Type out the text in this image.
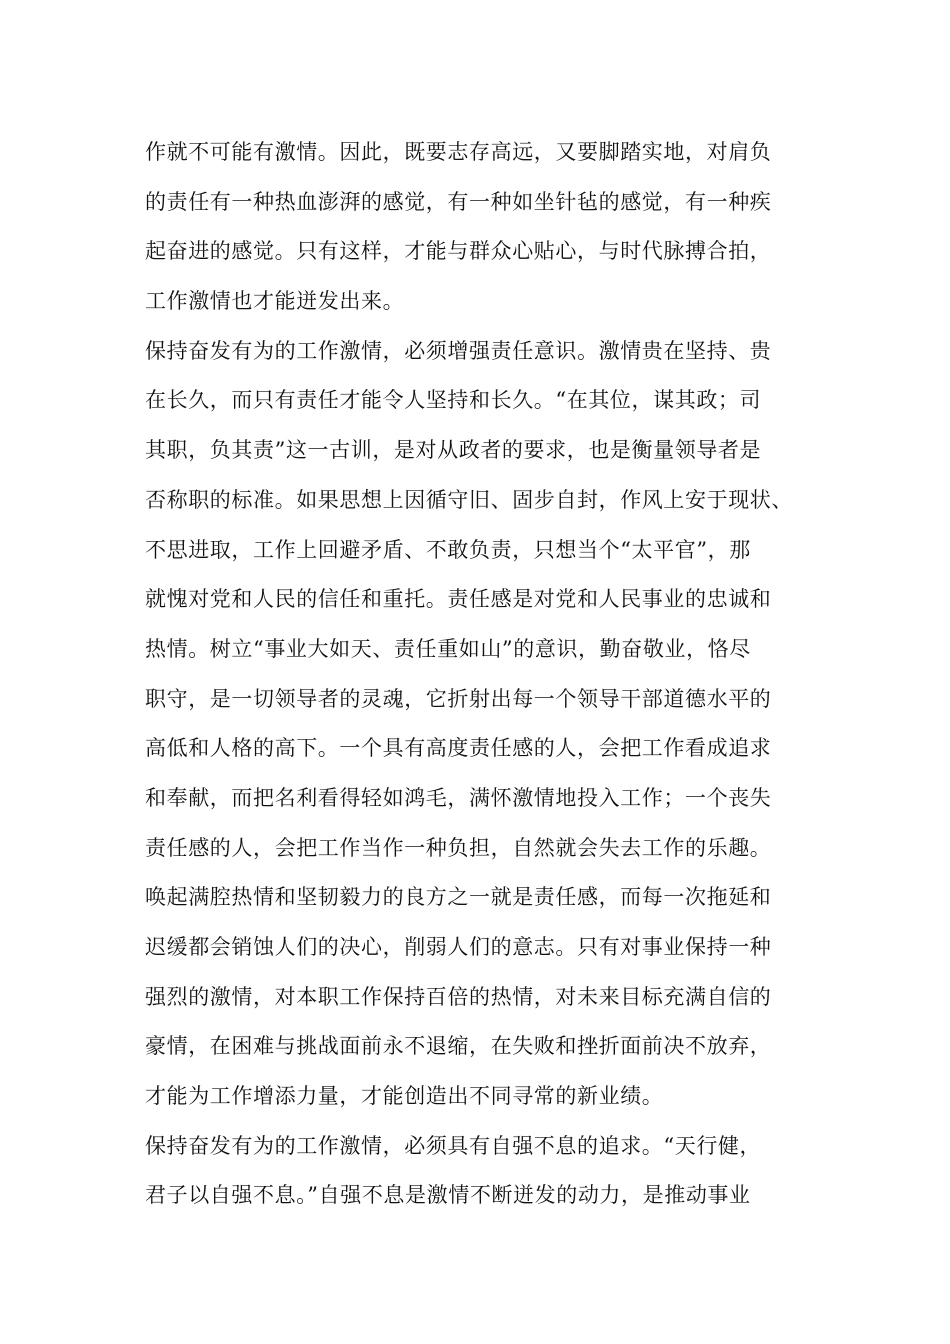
作就不可能有激情。因此，既要志存高远，又要脚踏实地，对肩负
的责任有一种热血澎湃的感觉，有一种如坐针毡的感觉，有一种疾
起奋进的感觉。只有这样，才能与群众心贴心，与时代脉搏合拍，
工作激情也才能迸发出来。
保持奋发有为的工作激情，必须增强责任意识。激情贵在坚持、贵
在长久，而只有责任才能令人坚持和长久。“在其位，谋其政；司
其职，负其责”这一古训，是对从政者的要求，也是衡量领导者是
否称职的标准。如果思想上因循守旧、固步自封，作风上安于现状、
不思进取，工作上回避矛盾、不敢负责，只想当个“太平官”，那
就愧对党和人民的信任和重托。责任感是对党和人民事业的忠诚和
热情。树立“事业大如天、责任重如山”的意识，勤奋敬业，恪尽
职守，是一切领导者的灵魂，它折射出每一个领导干部道德水平的
高低和人格的高下。一个具有高度责任感的人，会把工作看成追求
和奉献，而把名利看得轻如鸿毛，满怀激情地投入工作；一个丧失
责任感的人，会把工作当作一种负担，自然就会失去工作的乐趣。
唤起满腔热情和坚韧毅力的良方之一就是责任感，而每一次拖延和
迟缓都会销蚀人们的决心，削弱人们的意志。只有对事业保持一种
强烈的激情，对本职工作保持百倍的热情，对未来目标充满自信的
豪情，在困难与挑战面前永不退缩，在失败和挫折面前决不放弃，
才能为工作增添力量，才能创造出不同寻常的新业绩。
保持奋发有为的工作激情，必须具有自强不息的追求。“天行健，
君子以自强不息。”自强不息是激情不断迸发的动力，是推动事业
